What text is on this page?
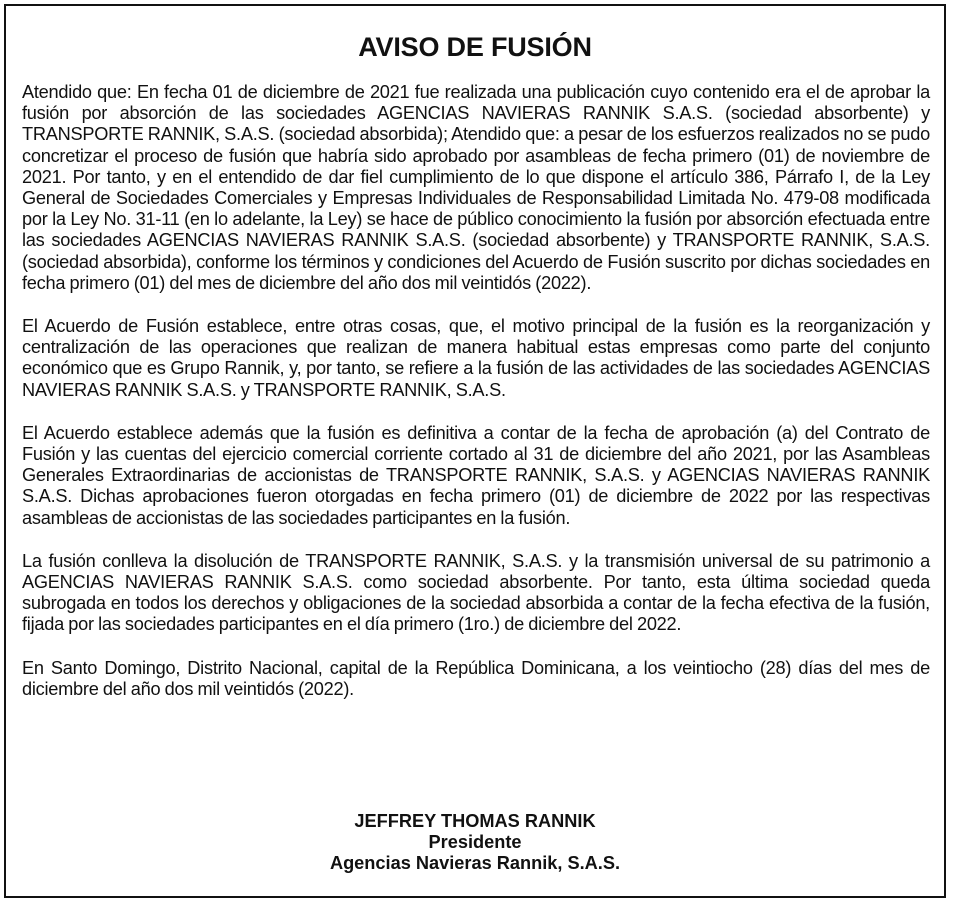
AVISO DE FUSIÓN

Atendido que: En fecha 01 de diciembre de 2021 fue realizada una publicación cuyo contenido era el de aprobar la fusión por absorción de las sociedades AGENCIAS NAVIERAS RANNIK S.A.S. (sociedad absorbente) y TRANSPORTE RANNIK, S.A.S. (sociedad absorbida); Atendido que: a pesar de los esfuerzos realizados no se pudo concretizar el proceso de fusión que habría sido aprobado por asambleas de fecha primero (01) de noviembre de 2021. Por tanto, y en el entendido de dar fiel cumplimiento de lo que dispone el artículo 386, Párrafo I, de la Ley General de Sociedades Comerciales y Empresas Individuales de Responsabilidad Limitada No. 479-08 modificada por la Ley No. 31-11 (en lo adelante, la Ley) se hace de público conocimiento la fusión por absorción efectuada entre las sociedades AGENCIAS NAVIERAS RANNIK S.A.S. (sociedad absorbente) y TRANSPORTE RANNIK, S.A.S. (sociedad absorbida), conforme los términos y condiciones del Acuerdo de Fusión suscrito por dichas sociedades en fecha primero (01) del mes de diciembre del año dos mil veintidós (2022).

El Acuerdo de Fusión establece, entre otras cosas, que, el motivo principal de la fusión es la reorganización y centralización de las operaciones que realizan de manera habitual estas empresas como parte del conjunto económico que es Grupo Rannik, y, por tanto, se refiere a la fusión de las actividades de las sociedades AGENCIAS NAVIERAS RANNIK S.A.S. y TRANSPORTE RANNIK, S.A.S.

El Acuerdo establece además que la fusión es definitiva a contar de la fecha de aprobación (a) del Contrato de Fusión y las cuentas del ejercicio comercial corriente cortado al 31 de diciembre del año 2021, por las Asambleas Generales Extraordinarias de accionistas de TRANSPORTE RANNIK, S.A.S. y AGENCIAS NAVIERAS RANNIK S.A.S. Dichas aprobaciones fueron otorgadas en fecha primero (01) de diciembre de 2022 por las respectivas asambleas de accionistas de las sociedades participantes en la fusión.

La fusión conlleva la disolución de TRANSPORTE RANNIK, S.A.S. y la transmisión universal de su patrimonio a AGENCIAS NAVIERAS RANNIK S.A.S. como sociedad absorbente. Por tanto, esta última sociedad queda subrogada en todos los derechos y obligaciones de la sociedad absorbida a contar de la fecha efectiva de la fusión, fijada por las sociedades participantes en el día primero (1ro.) de diciembre del 2022.

En Santo Domingo, Distrito Nacional, capital de la República Dominicana, a los veintiocho (28) días del mes de diciembre del año dos mil veintidós (2022).

JEFFREY THOMAS RANNIK
Presidente
Agencias Navieras Rannik, S.A.S.
